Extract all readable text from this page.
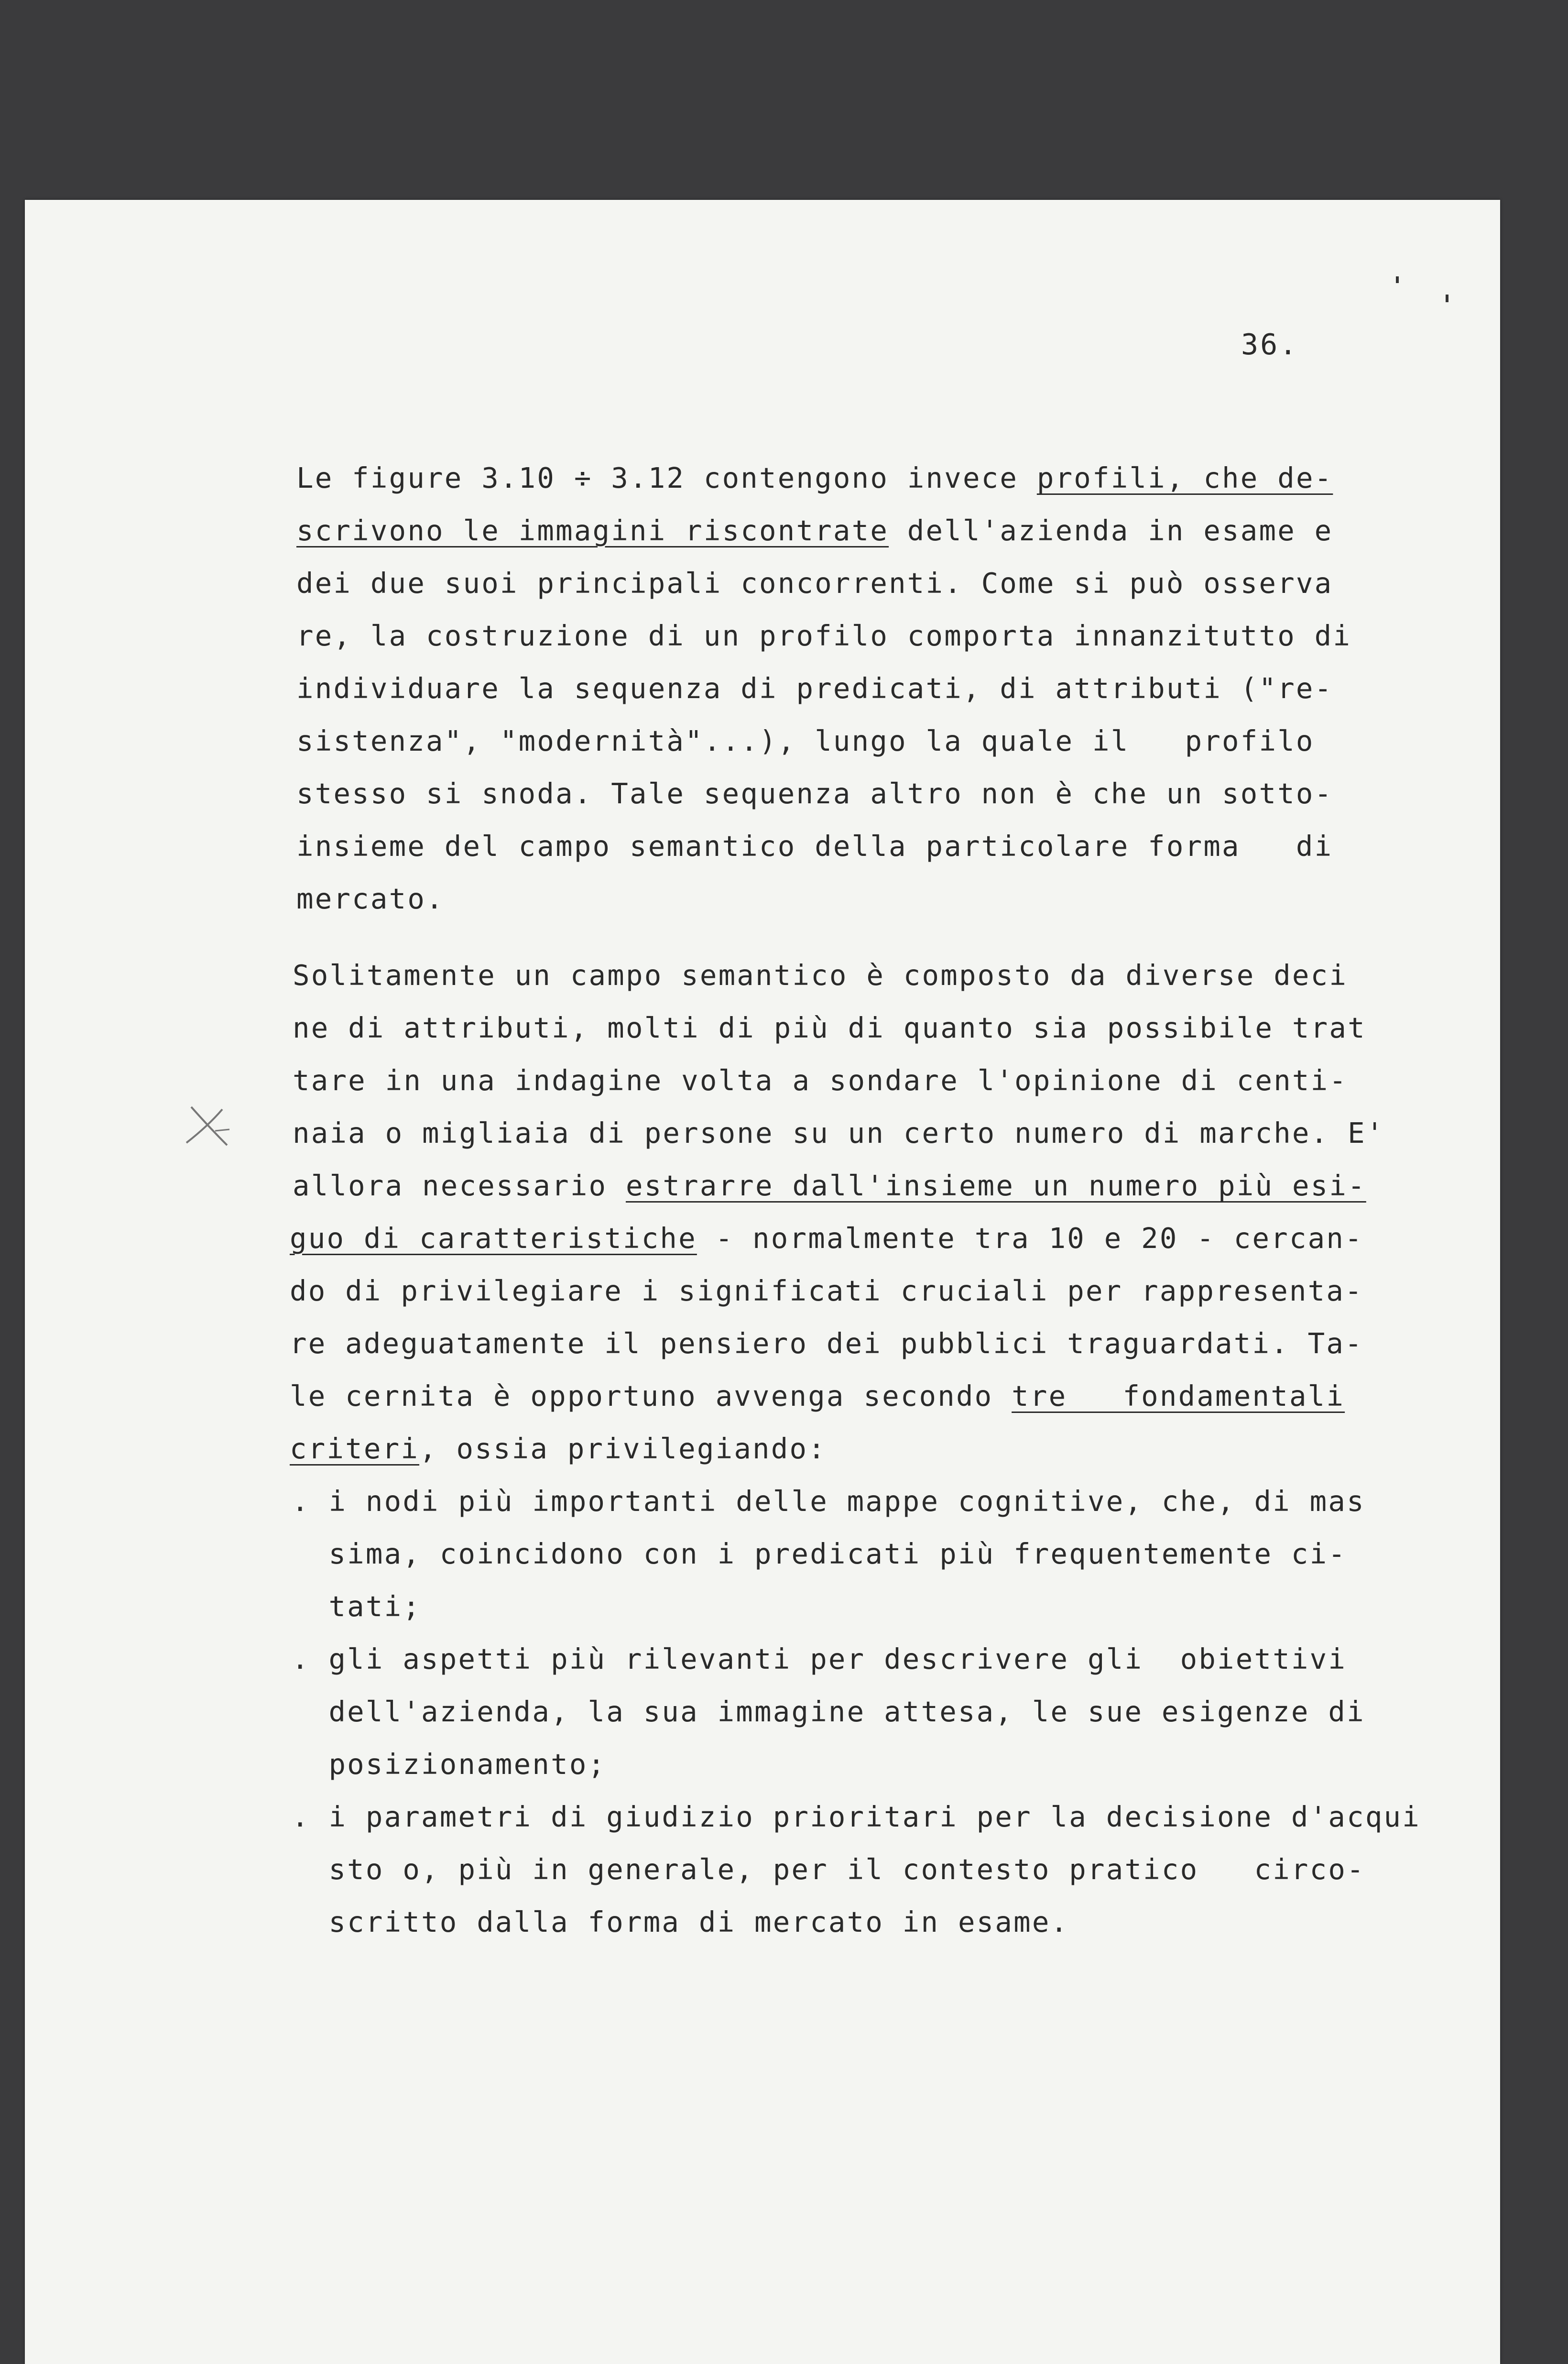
36.
Le figure 3.10 ÷ 3.12 contengono invece profili, che de-
scrivono le immagini riscontrate dell'azienda in esame e
dei due suoi principali concorrenti. Come si può osserva
re, la costruzione di un profilo comporta innanzitutto di
individuare la sequenza di predicati, di attributi ("re-
sistenza", "modernità"...), lungo la quale il   profilo
stesso si snoda. Tale sequenza altro non è che un sotto-
insieme del campo semantico della particolare forma   di
mercato.
Solitamente un campo semantico è composto da diverse deci
ne di attributi, molti di più di quanto sia possibile trat
tare in una indagine volta a sondare l'opinione di centi-
naia o migliaia di persone su un certo numero di marche. E'
allora necessario estrarre dall'insieme un numero più esi-
guo di caratteristiche - normalmente tra 10 e 20 - cercan-
do di privilegiare i significati cruciali per rappresenta-
re adeguatamente il pensiero dei pubblici traguardati. Ta-
le cernita è opportuno avvenga secondo tre   fondamentali
criteri, ossia privilegiando:
. i nodi più importanti delle mappe cognitive, che, di mas
sima, coincidono con i predicati più frequentemente ci-
tati;
. gli aspetti più rilevanti per descrivere gli  obiettivi
dell'azienda, la sua immagine attesa, le sue esigenze di
posizionamento;
. i parametri di giudizio prioritari per la decisione d'acqui
sto o, più in generale, per il contesto pratico   circo-
scritto dalla forma di mercato in esame.
